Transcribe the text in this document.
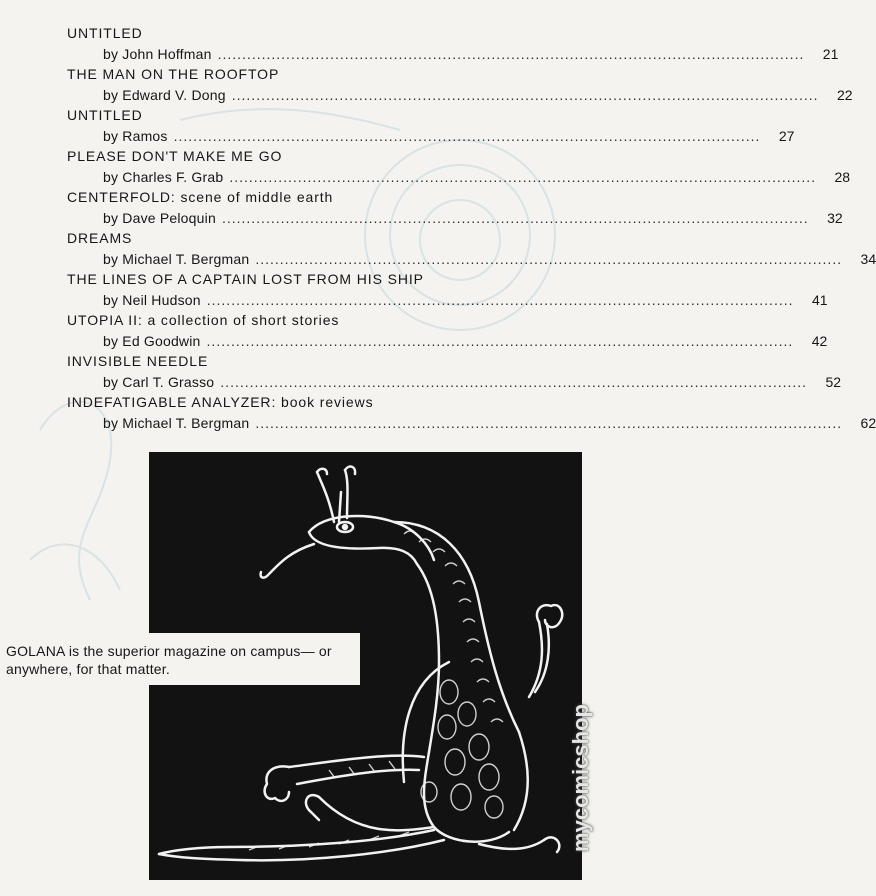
UNTITLED
by John Hoffman ........................................................................................................................	21
THE MAN ON THE ROOFTOP
by Edward V. Dong ........................................................................................................................	22
UNTITLED
by Ramos ........................................................................................................................	27
PLEASE DON'T MAKE ME GO
by Charles F. Grab ........................................................................................................................	28
CENTERFOLD: scene of middle earth
by Dave Peloquin ........................................................................................................................	32
DREAMS
by Michael T. Bergman ........................................................................................................................	34
THE LINES OF A CAPTAIN LOST FROM HIS SHIP
by Neil Hudson ........................................................................................................................	41
UTOPIA II: a collection of short stories
by Ed Goodwin ........................................................................................................................	42
INVISIBLE NEEDLE
by Carl T. Grasso ........................................................................................................................	52
INDEFATIGABLE ANALYZER: book reviews
by Michael T. Bergman ........................................................................................................................	62

GOLANA is the superior magazine on campus— or anywhere, for that matter.

mycomicshop
